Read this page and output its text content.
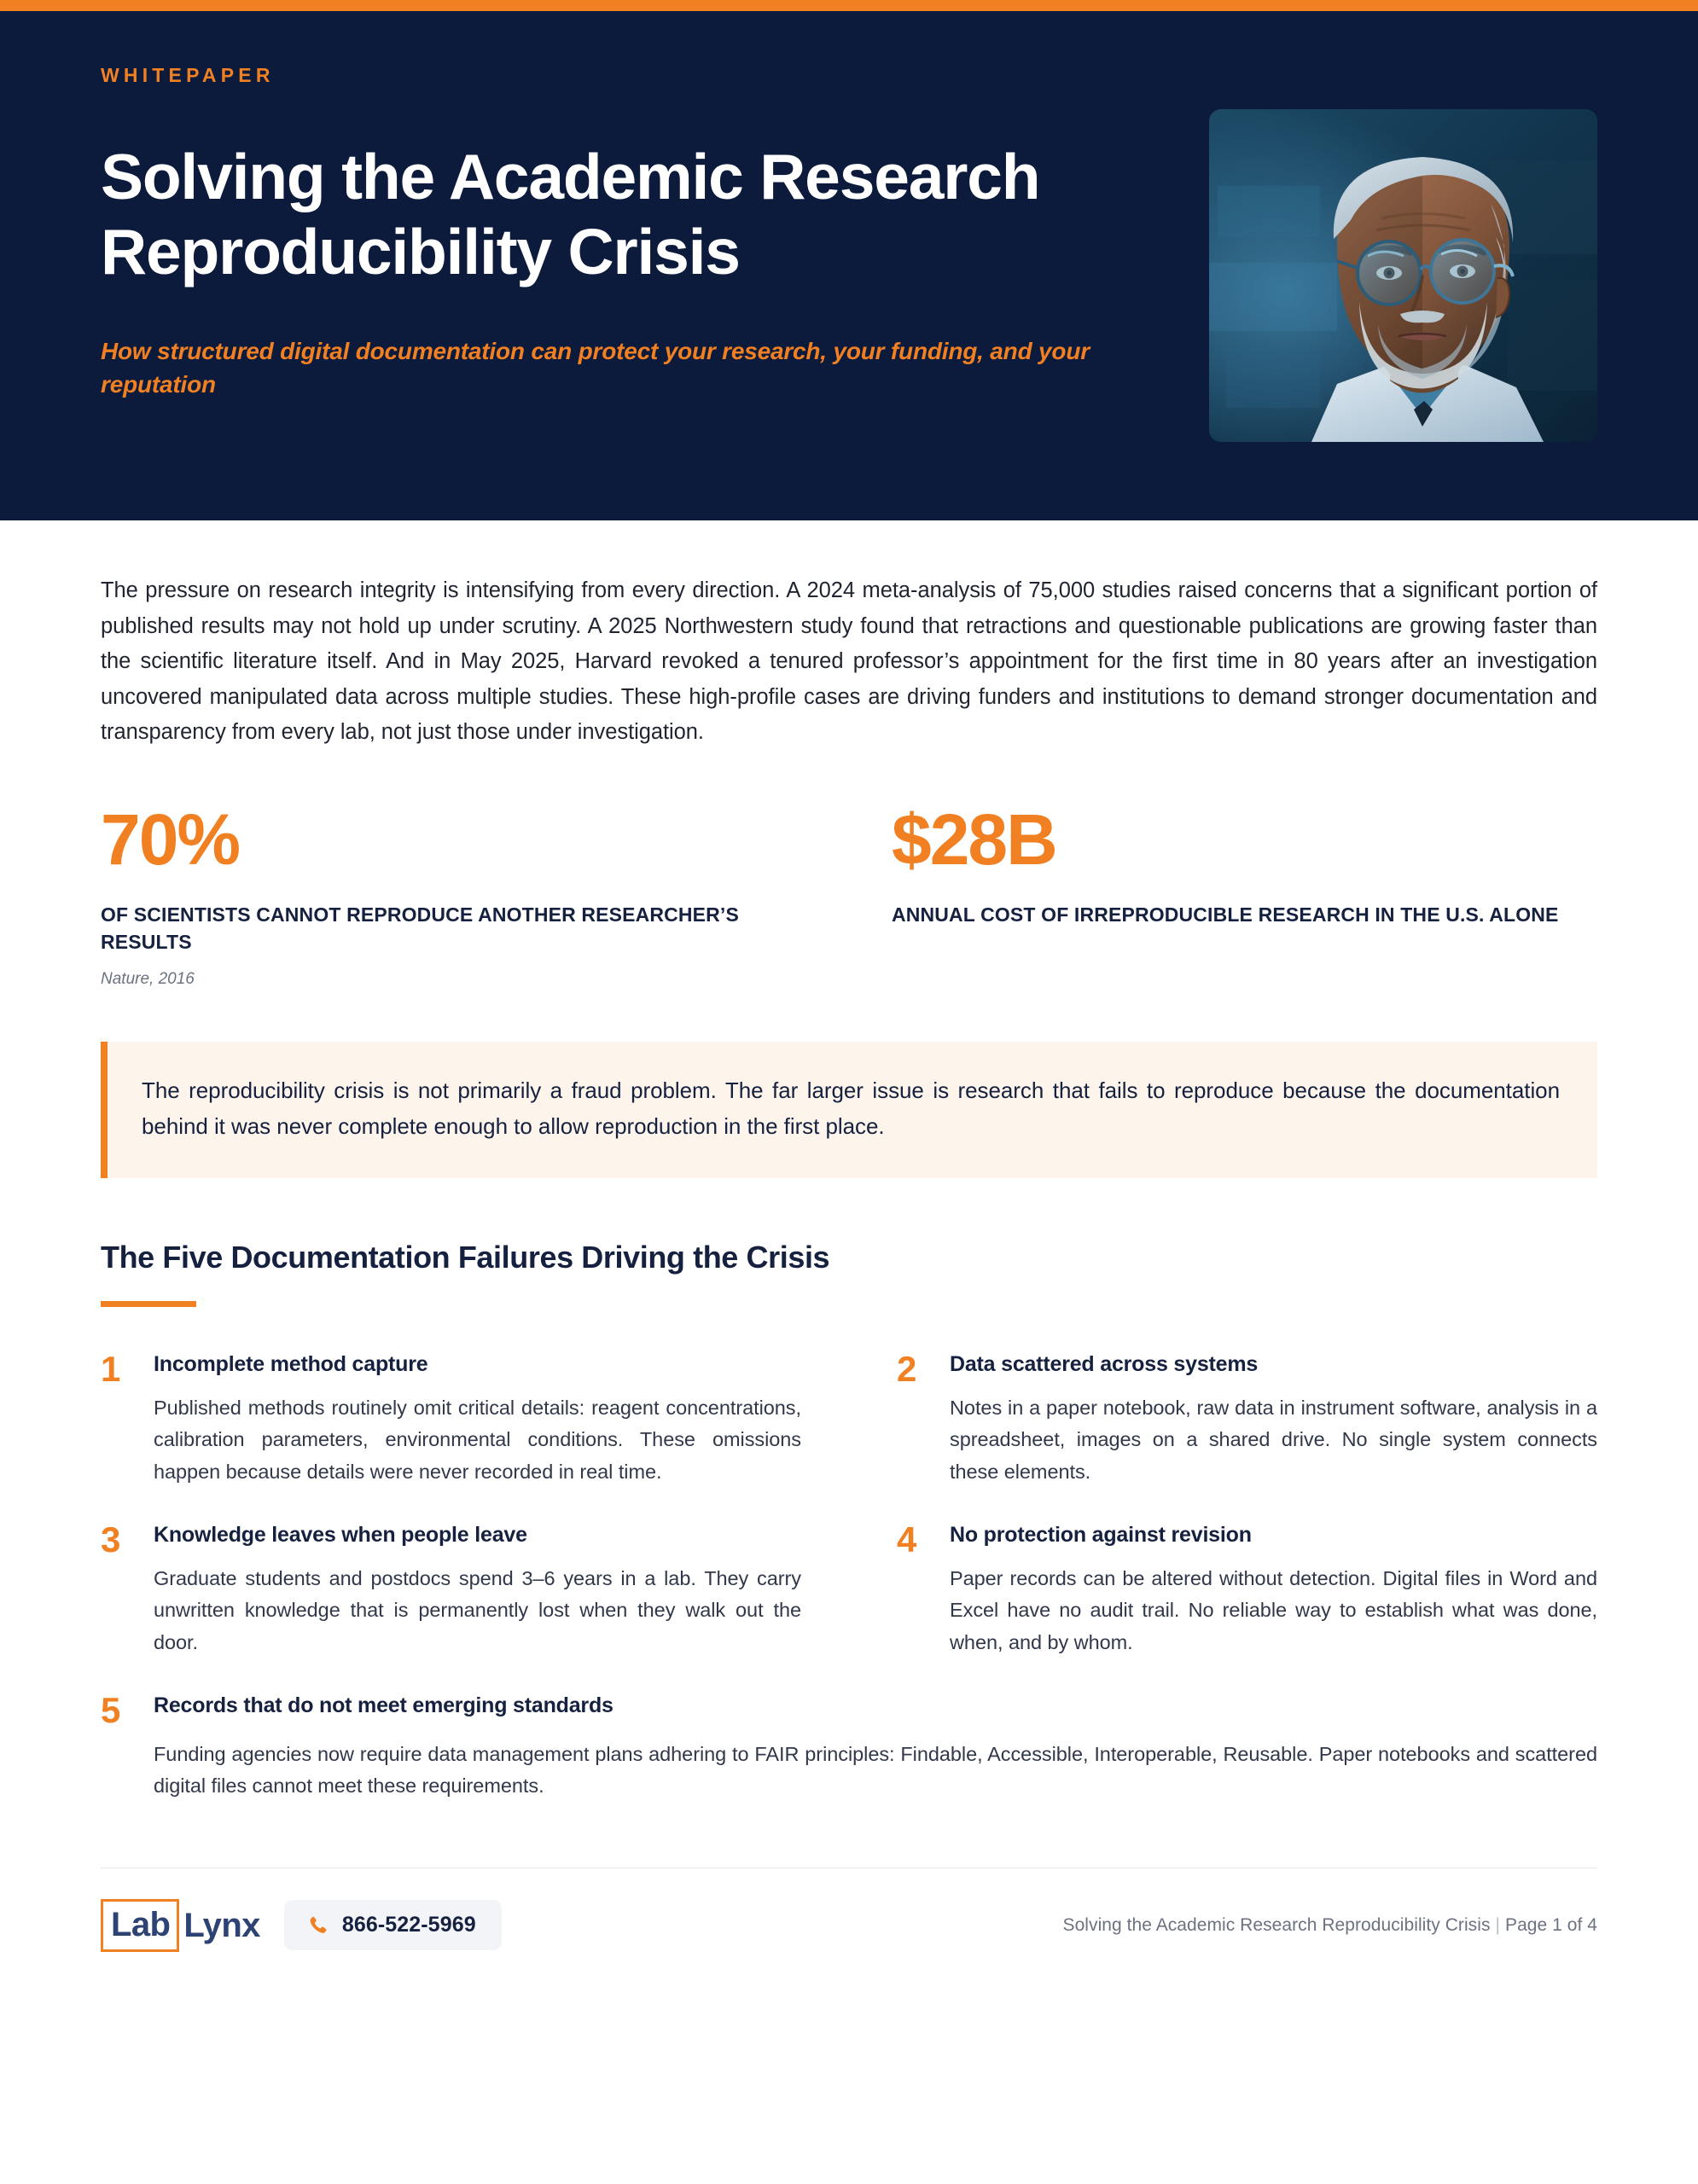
WHITEPAPER
Solving the Academic Research Reproducibility Crisis

How structured digital documentation can protect your research, your funding, and your reputation

The pressure on research integrity is intensifying from every direction. A 2024 meta-analysis of 75,000 studies raised concerns that a significant portion of published results may not hold up under scrutiny. A 2025 Northwestern study found that retractions and questionable publications are growing faster than the scientific literature itself. And in May 2025, Harvard revoked a tenured professor’s appointment for the first time in 80 years after an investigation uncovered manipulated data across multiple studies. These high-profile cases are driving funders and institutions to demand stronger documentation and transparency from every lab, not just those under investigation.

70%
OF SCIENTISTS CANNOT REPRODUCE ANOTHER RESEARCHER’S RESULTS
Nature, 2016
$28B
ANNUAL COST OF IRREPRODUCIBLE RESEARCH IN THE U.S. ALONE

The reproducibility crisis is not primarily a fraud problem. The far larger issue is research that fails to reproduce because the documentation behind it was never complete enough to allow reproduction in the first place.

The Five Documentation Failures Driving the Crisis
1	Incomplete method capture
Published methods routinely omit critical details: reagent concentrations, calibration parameters, environmental conditions. These omissions happen because details were never recorded in real time.
2	Data scattered across systems
Notes in a paper notebook, raw data in instrument software, analysis in a spreadsheet, images on a shared drive. No single system connects these elements.
3	Knowledge leaves when people leave
Graduate students and postdocs spend 3–6 years in a lab. They carry unwritten knowledge that is permanently lost when they walk out the door.
4	No protection against revision
Paper records can be altered without detection. Digital files in Word and Excel have no audit trail. No reliable way to establish what was done, when, and by whom.
5	Records that do not meet emerging standards
Funding agencies now require data management plans adhering to FAIR principles: Findable, Accessible, Interoperable, Reusable. Paper notebooks and scattered digital files cannot meet these requirements.
Lab Lynx	866-522-5969	Solving the Academic Research Reproducibility Crisis | Page 1 of 4
